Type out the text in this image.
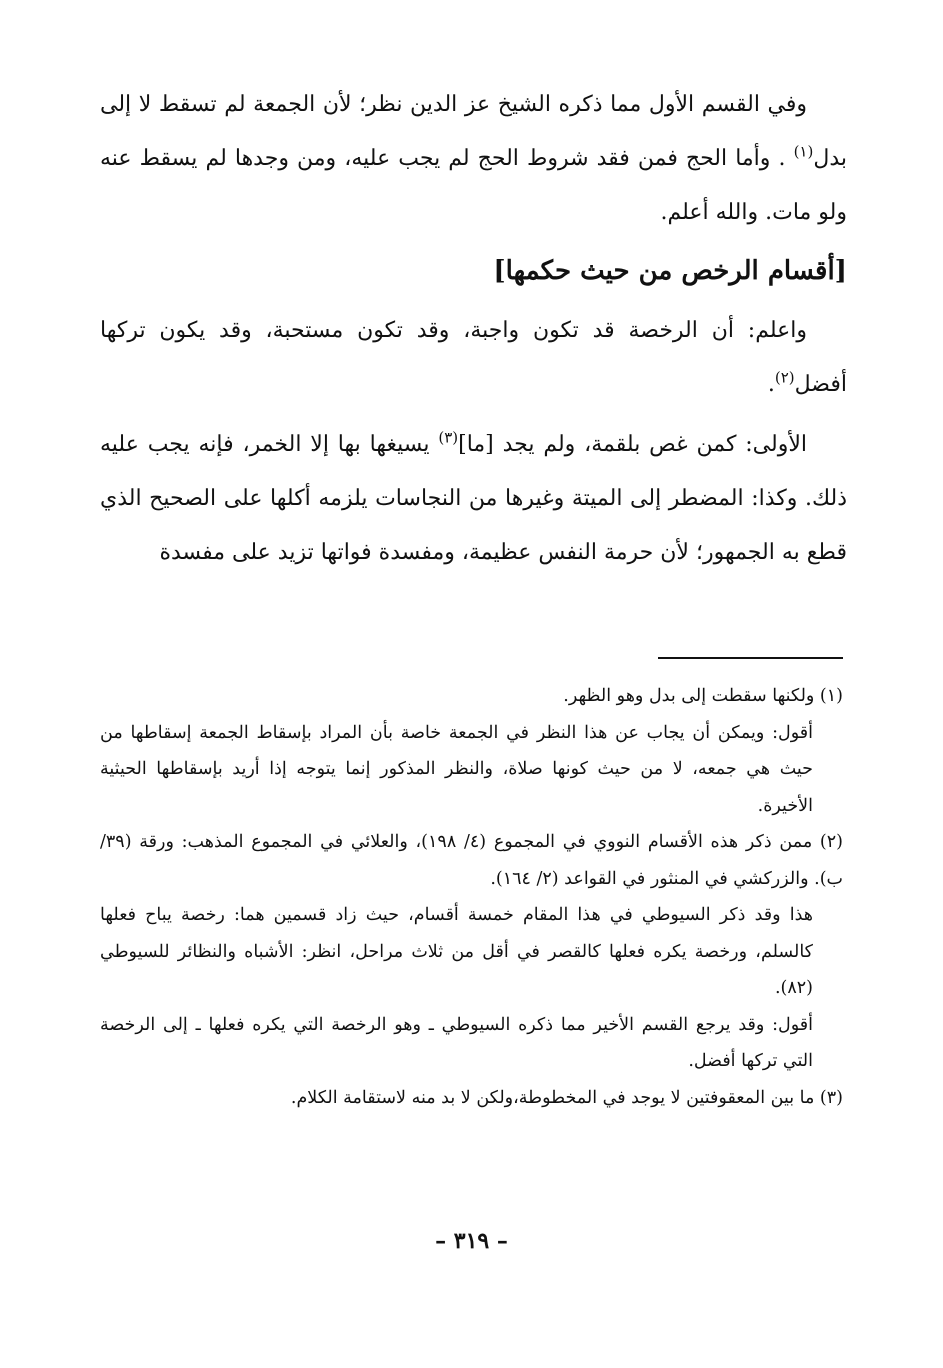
وفي القسم الأول مما ذكره الشيخ عز الدين نظر؛ لأن الجمعة لم تسقط لا إلى بدل$^{(١)}$ . وأما الحج فمن فقد شروط الحج لم يجب عليه، ومن وجدها لم يسقط عنه ولو مات. والله أعلم.

[أقسام الرخص من حيث حكمها]

واعلم: أن الرخصة قد تكون واجبة، وقد تكون مستحبة، وقد يكون تركها أفضل$^{(٢)}$.

الأولى: كمن غص بلقمة، ولم يجد [ما]$^{(٣)}$ يسيغها بها إلا الخمر، فإنه يجب عليه ذلك. وكذا: المضطر إلى الميتة وغيرها من النجاسات يلزمه أكلها على الصحيح الذي قطع به الجمهور؛ لأن حرمة النفس عظيمة، ومفسدة فواتها تزيد على مفسدة

(١) ولكنها سقطت إلى بدل وهو الظهر.

أقول: ويمكن أن يجاب عن هذا النظر في الجمعة خاصة بأن المراد بإسقاط الجمعة إسقاطها من حيث هي جمعه، لا من حيث كونها صلاة، والنظر المذكور إنما يتوجه إذا أريد بإسقاطها الحيثية الأخيرة.

(٢) ممن ذكر هذه الأقسام النووي في المجموع (٤/ ١٩٨)، والعلائي في المجموع المذهب: ورقة (٣٩/ ب). والزركشي في المنثور في القواعد (٢/ ١٦٤).

هذا وقد ذكر السيوطي في هذا المقام خمسة أقسام، حيث زاد قسمين هما: رخصة يباح فعلها كالسلم، ورخصة يكره فعلها كالقصر في أقل من ثلاث مراحل، انظر: الأشباه والنظائر للسيوطي (٨٢).

أقول: وقد يرجع القسم الأخير مما ذكره السيوطي ـ وهو الرخصة التي يكره فعلها ـ إلى الرخصة التي تركها أفضل.

(٣) ما بين المعقوفتين لا يوجد في المخطوطة،ولكن لا بد منه لاستقامة الكلام.

– ٣١٩ –
